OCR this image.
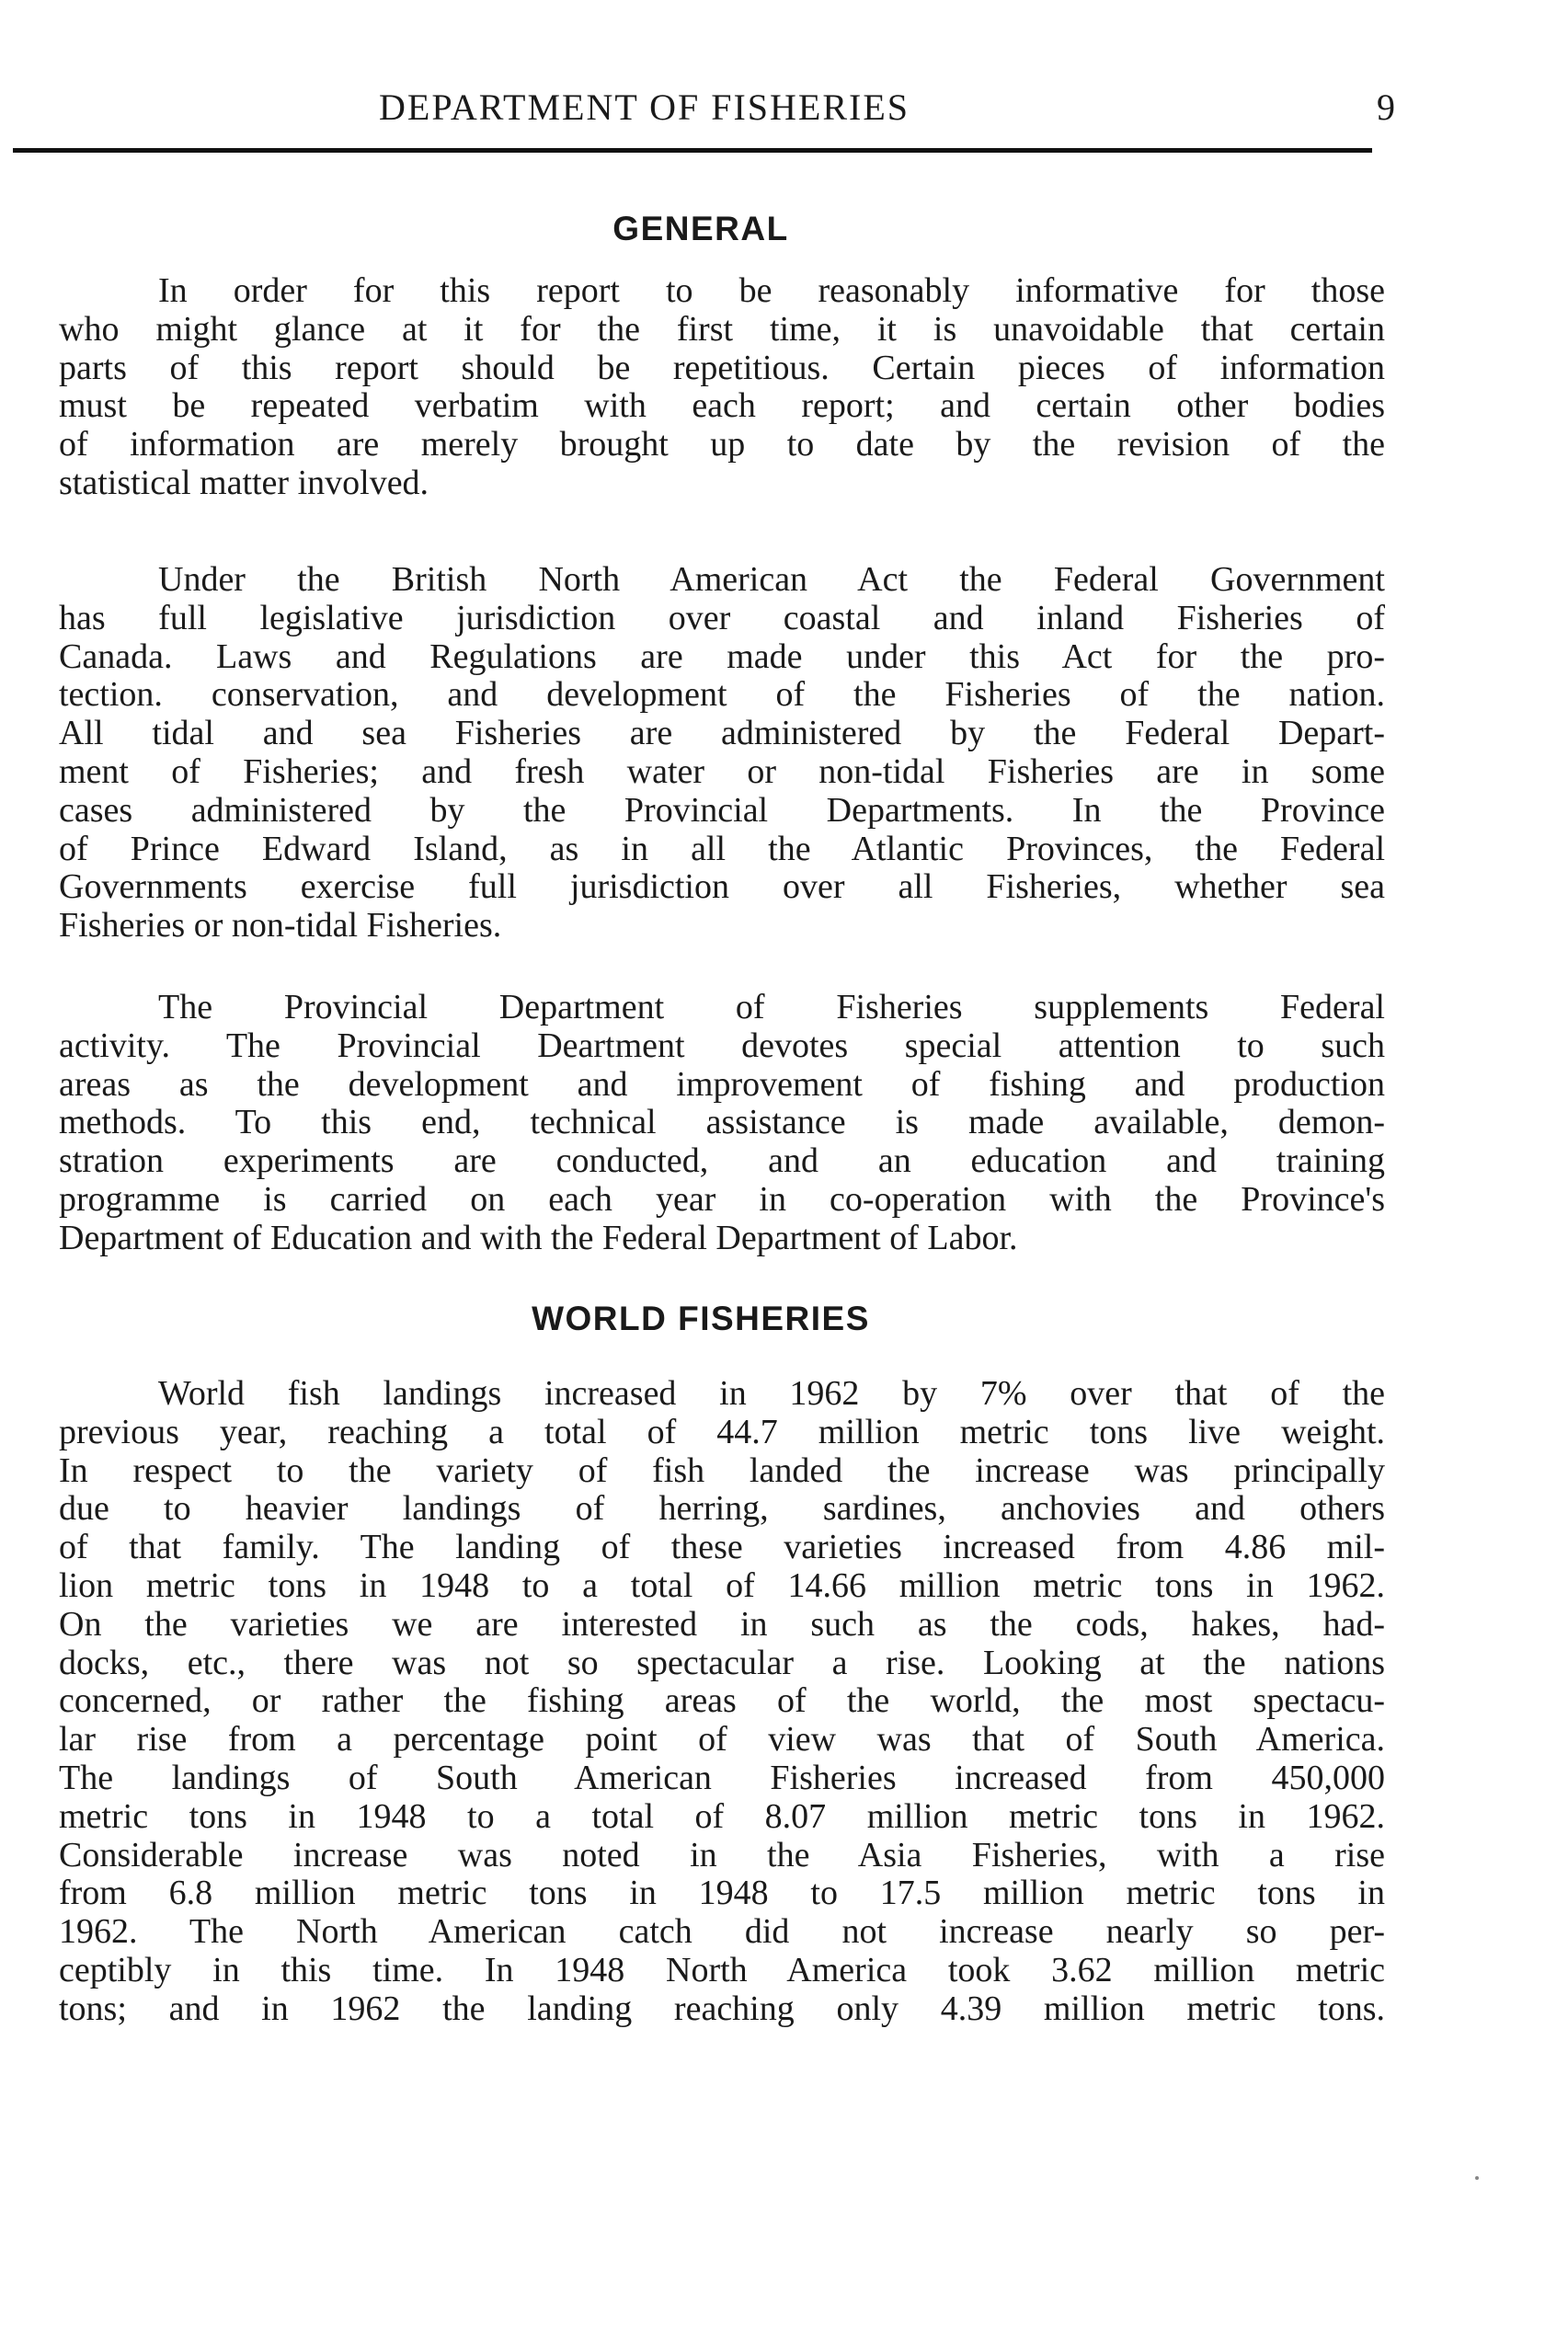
DEPARTMENT OF FISHERIES	9
GENERAL

In order for this report to be reasonably informative for those
who might glance at it for the first time, it is unavoidable that certain
parts of this report should be repetitious. Certain pieces of information
must be repeated verbatim with each report; and certain other bodies
of information are merely brought up to date by the revision of the
statistical matter involved.

Under the British North American Act the Federal Government
has full legislative jurisdiction over coastal and inland Fisheries of
Canada. Laws and Regulations are made under this Act for the pro-
tection. conservation, and development of the Fisheries of the nation.
All tidal and sea Fisheries are administered by the Federal Depart-
ment of Fisheries; and fresh water or non-tidal Fisheries are in some
cases administered by the Provincial Departments. In the Province
of Prince Edward Island, as in all the Atlantic Provinces, the Federal
Governments exercise full jurisdiction over all Fisheries, whether sea
Fisheries or non-tidal Fisheries.

The Provincial Department of Fisheries supplements Federal
activity. The Provincial Deartment devotes special attention to such
areas as the development and improvement of fishing and production
methods. To this end, technical assistance is made available, demon-
stration experiments are conducted, and an education and training
programme is carried on each year in co-operation with the Province's
Department of Education and with the Federal Department of Labor.

WORLD FISHERIES

World fish landings increased in 1962 by 7% over that of the
previous year, reaching a total of 44.7 million metric tons live weight.
In respect to the variety of fish landed the increase was principally
due to heavier landings of herring, sardines, anchovies and others
of that family. The landing of these varieties increased from 4.86 mil-
lion metric tons in 1948 to a total of 14.66 million metric tons in 1962.
On the varieties we are interested in such as the cods, hakes, had-
docks, etc., there was not so spectacular a rise. Looking at the nations
concerned, or rather the fishing areas of the world, the most spectacu-
lar rise from a percentage point of view was that of South America.
The landings of South American Fisheries increased from 450,000
metric tons in 1948 to a total of 8.07 million metric tons in 1962.
Considerable increase was noted in the Asia Fisheries, with a rise
from 6.8 million metric tons in 1948 to 17.5 million metric tons in
1962. The North American catch did not increase nearly so per-
ceptibly in this time. In 1948 North America took 3.62 million metric
tons; and in 1962 the landing reaching only 4.39 million metric tons.
